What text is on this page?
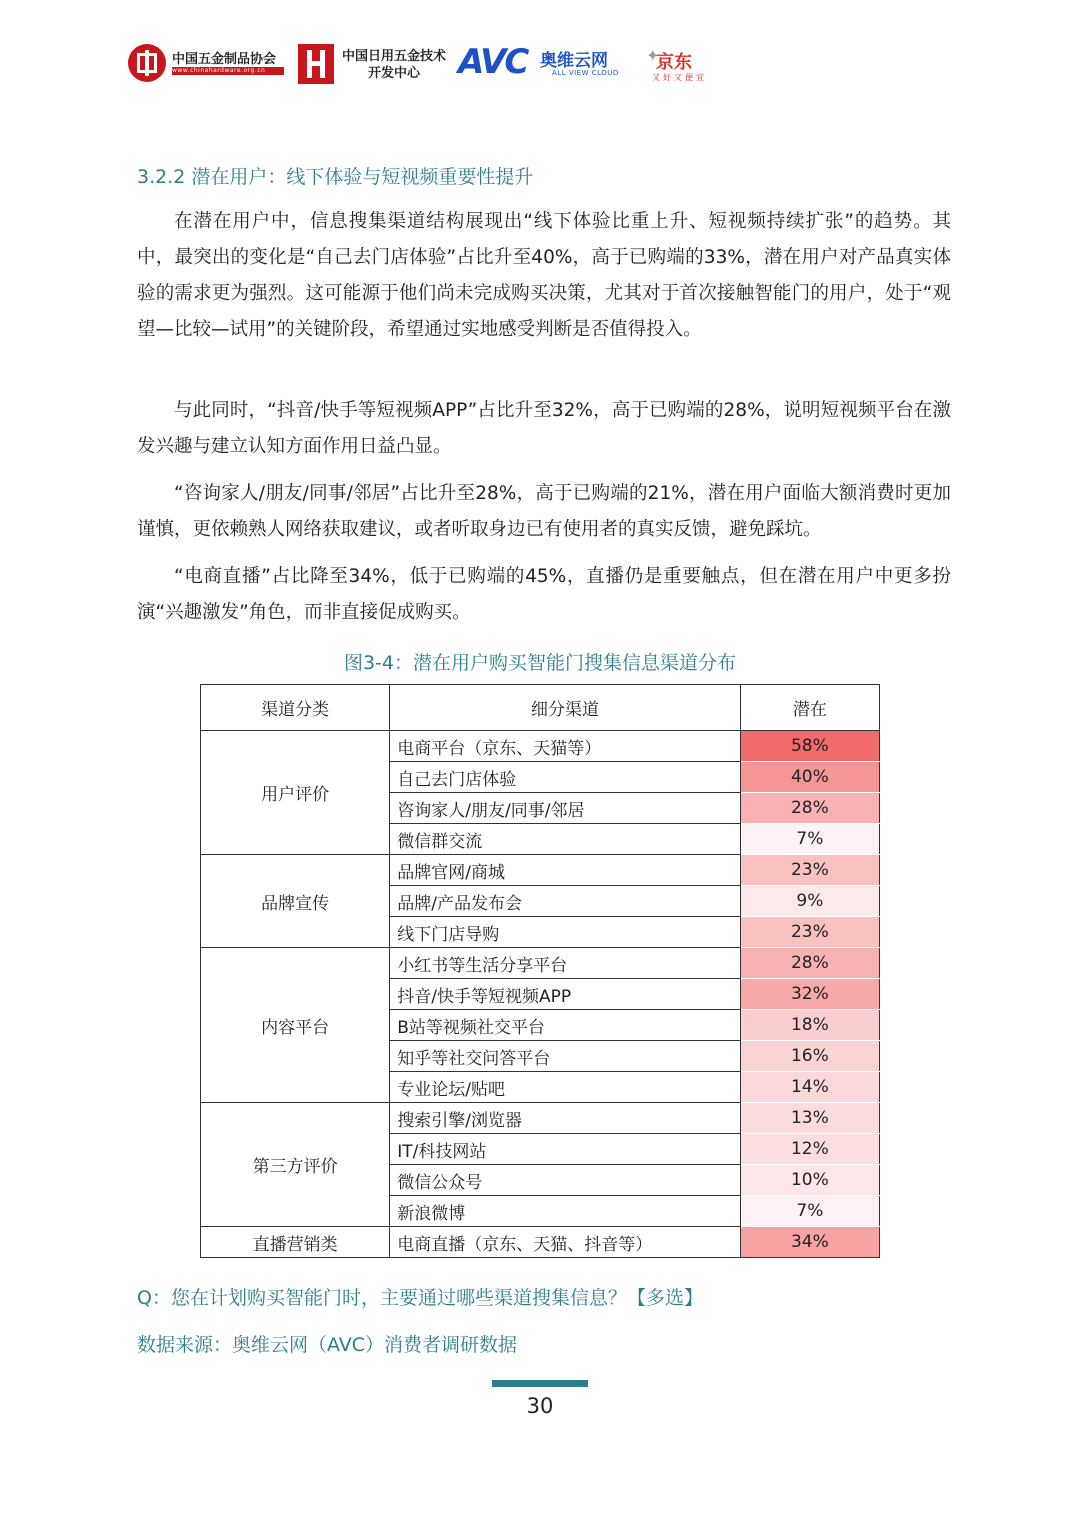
中国五金制品协会
www.chinahardware.org.cn
中国日用五金技术
开发中心	AVC 奥维云网
ALL VIEW CLOUD
✦
京东
又好又便宜
3.2.2 潜在用户：线下体验与短视频重要性提升

在潜在用户中，信息搜集渠道结构展现出“线下体验比重上升、短视频持续扩张”的趋势。其中，最突出的变化是“自己去门店体验”占比升至40%，高于已购端的33%，潜在用户对产品真实体验的需求更为强烈。这可能源于他们尚未完成购买决策，尤其对于首次接触智能门的用户，处于“观望—比较—试用”的关键阶段，希望通过实地感受判断是否值得投入。

与此同时，“抖音/快手等短视频APP”占比升至32%，高于已购端的28%，说明短视频平台在激发兴趣与建立认知方面作用日益凸显。

“咨询家人/朋友/同事/邻居”占比升至28%，高于已购端的21%，潜在用户面临大额消费时更加谨慎，更依赖熟人网络获取建议，或者听取身边已有使用者的真实反馈，避免踩坑。

“电商直播”占比降至34%，低于已购端的45%，直播仍是重要触点，但在潜在用户中更多扮演“兴趣激发”角色，而非直接促成购买。

图3-4：潜在用户购买智能门搜集信息渠道分布
渠道分类	细分渠道	潜在
用户评价	电商平台（京东、天猫等）	58%
	自己去门店体验	40%
	咨询家人/朋友/同事/邻居	28%
	微信群交流	7%
品牌宣传	品牌官网/商城	23%
	品牌/产品发布会	9%
	线下门店导购	23%
内容平台	小红书等生活分享平台	28%
	抖音/快手等短视频APP	32%
	B站等视频社交平台	18%
	知乎等社交问答平台	16%
	专业论坛/贴吧	14%
第三方评价	搜索引擎/浏览器	13%
	IT/科技网站	12%
	微信公众号	10%
	新浪微博	7%
直播营销类	电商直播（京东、天猫、抖音等）	34%
Q：您在计划购买智能门时，主要通过哪些渠道搜集信息？【多选】
数据来源：奥维云网（AVC）消费者调研数据
30
